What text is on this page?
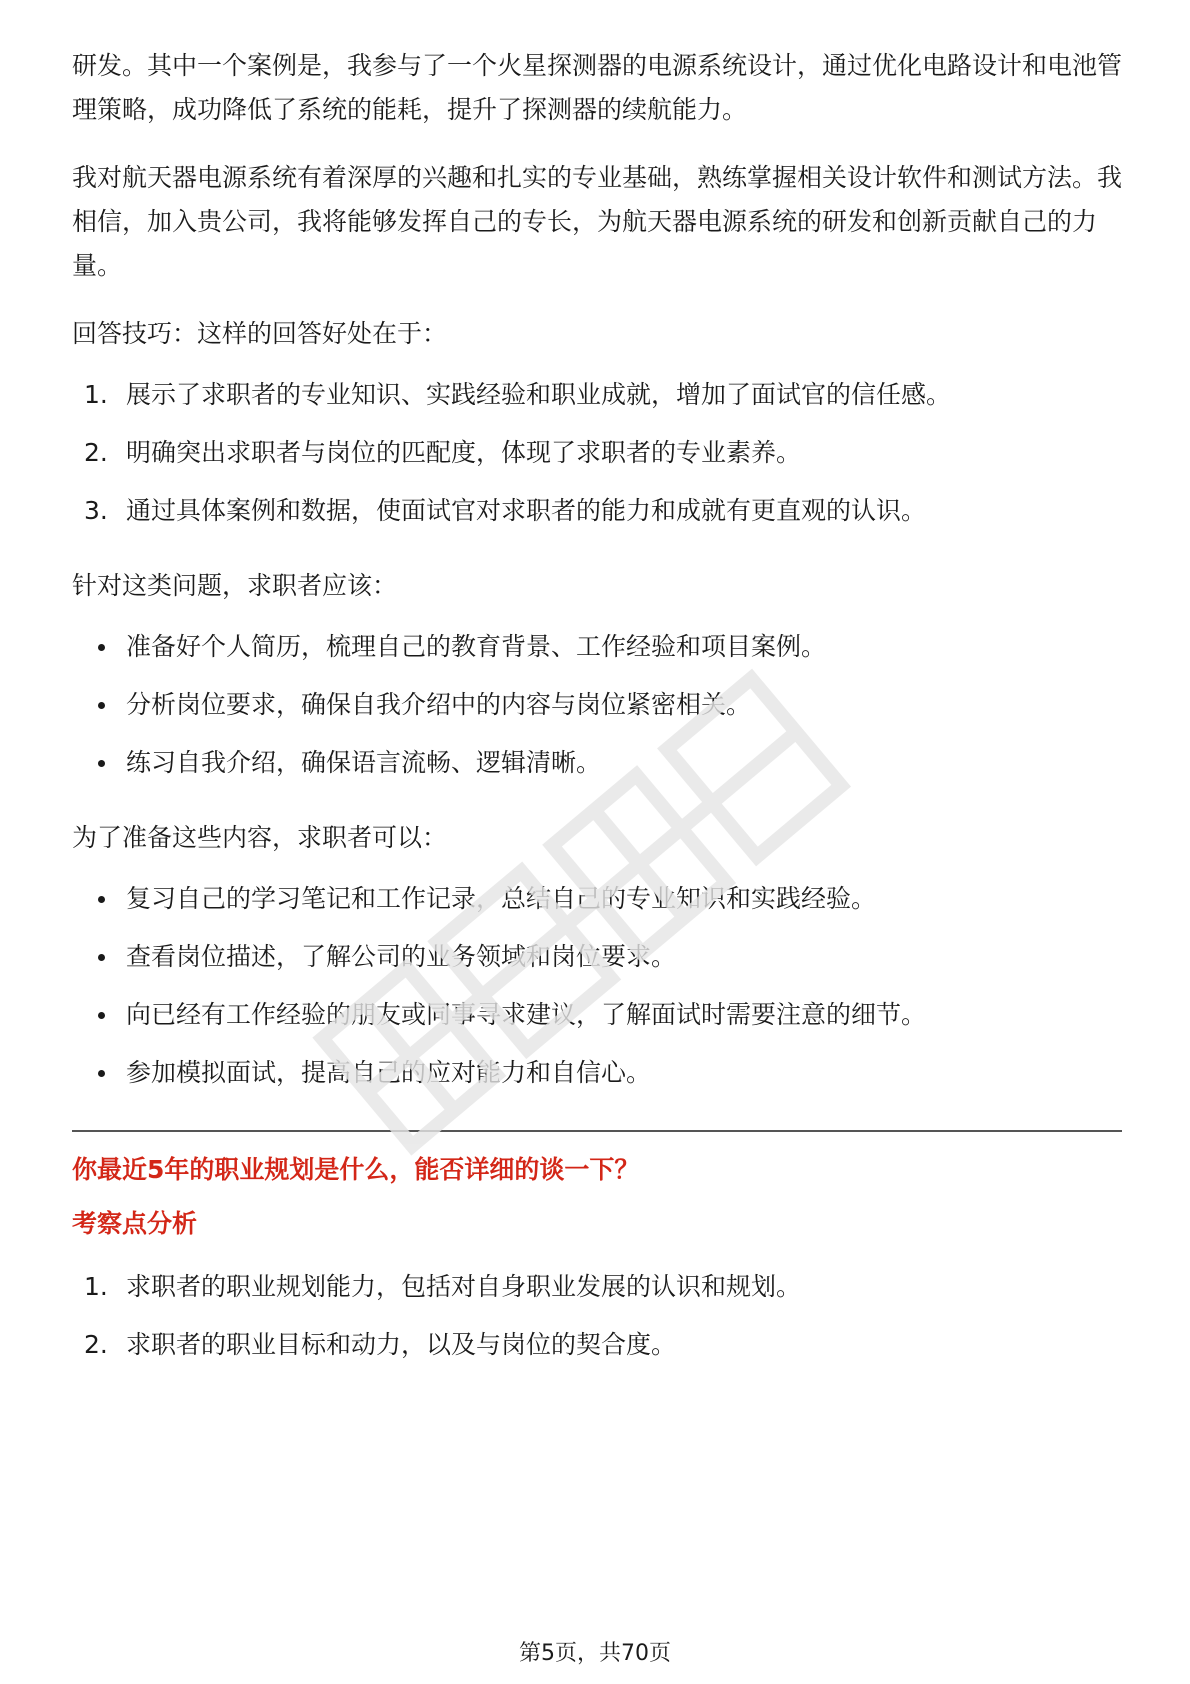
研发。其中一个案例是，我参与了一个火星探测器的电源系统设计，通过优化电路设计和电池管理策略，成功降低了系统的能耗，提升了探测器的续航能力。

我对航天器电源系统有着深厚的兴趣和扎实的专业基础，熟练掌握相关设计软件和测试方法。我相信，加入贵公司，我将能够发挥自己的专长，为航天器电源系统的研发和创新贡献自己的力量。

回答技巧：这样的回答好处在于：

1. 展示了求职者的专业知识、实践经验和职业成就，增加了面试官的信任感。
2. 明确突出求职者与岗位的匹配度，体现了求职者的专业素养。
3. 通过具体案例和数据，使面试官对求职者的能力和成就有更直观的认识。

针对这类问题，求职者应该：

准备好个人简历，梳理自己的教育背景、工作经验和项目案例。
分析岗位要求，确保自我介绍中的内容与岗位紧密相关。
练习自我介绍，确保语言流畅、逻辑清晰。

为了准备这些内容，求职者可以：

复习自己的学习笔记和工作记录，总结自己的专业知识和实践经验。
查看岗位描述，了解公司的业务领域和岗位要求。
向已经有工作经验的朋友或同事寻求建议，了解面试时需要注意的细节。
参加模拟面试，提高自己的应对能力和自信心。

你最近5年的职业规划是什么，能否详细的谈一下？

考察点分析

1. 求职者的职业规划能力，包括对自身职业发展的认识和规划。
2. 求职者的职业目标和动力，以及与岗位的契合度。
第5页，共70页
